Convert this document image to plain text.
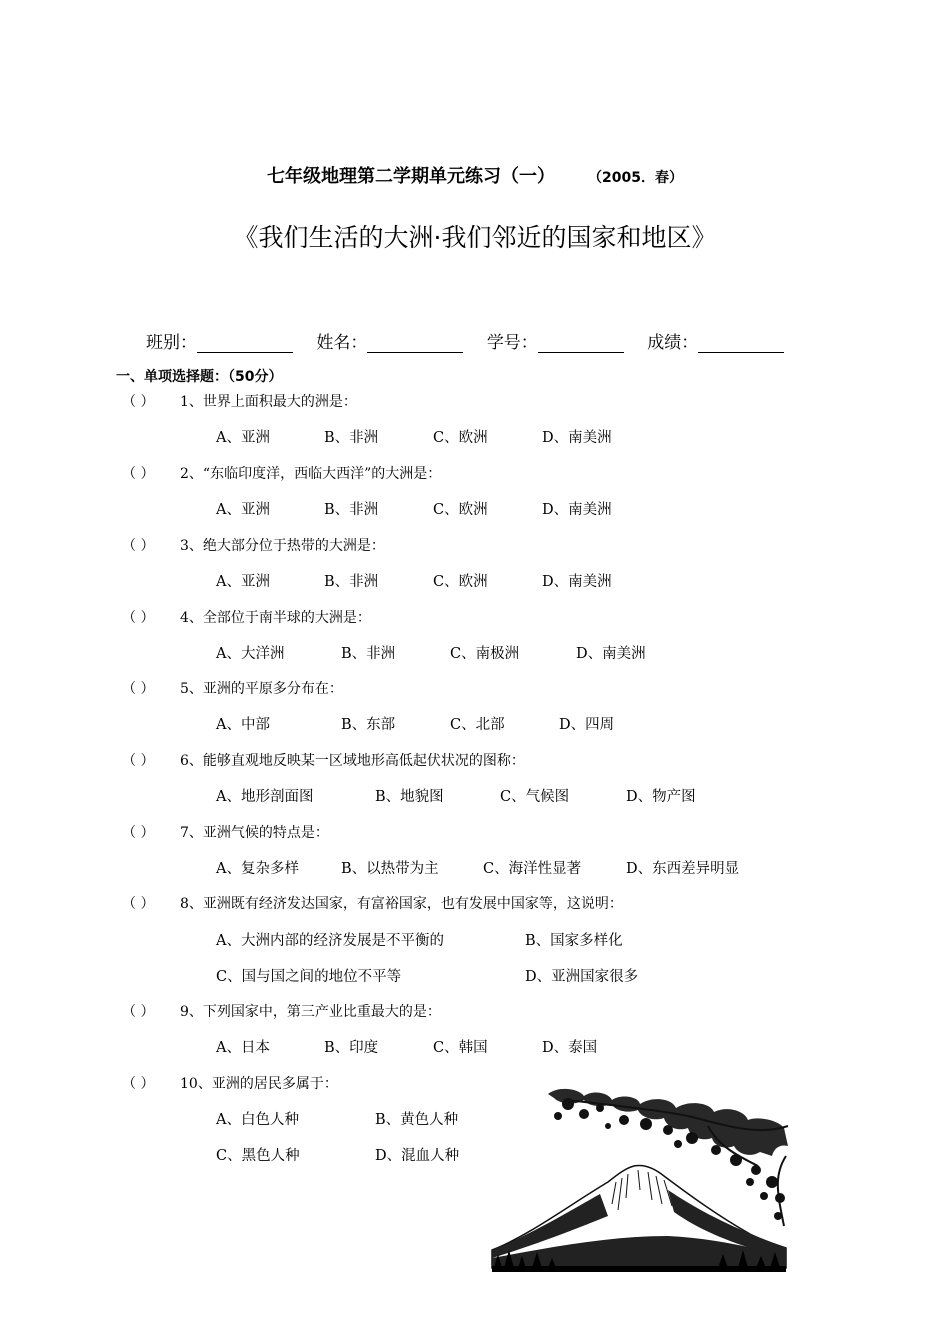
七年级地理第二学期单元练习（一）	（2005．春）
《我们生活的大洲·我们邻近的国家和地区》
班别：	姓名：	学号：	成绩：
一、单项选择题：（50分）
（ ） 1、世界上面积最大的洲是：
A、亚洲	B、非洲	C、欧洲	D、南美洲
（ ） 2、“东临印度洋，西临大西洋”的大洲是：
A、亚洲	B、非洲	C、欧洲	D、南美洲
（ ） 3、绝大部分位于热带的大洲是：
A、亚洲	B、非洲	C、欧洲	D、南美洲
（ ） 4、全部位于南半球的大洲是：
A、大洋洲	B、非洲	C、南极洲	D、南美洲
（ ） 5、亚洲的平原多分布在：
A、中部	B、东部	C、北部	D、四周
（ ） 6、能够直观地反映某一区域地形高低起伏状况的图称：
A、地形剖面图	B、地貌图	C、气候图	D、物产图
（ ） 7、亚洲气候的特点是：
A、复杂多样	B、以热带为主	C、海洋性显著	D、东西差异明显
（ ） 8、亚洲既有经济发达国家，有富裕国家，也有发展中国家等，这说明：
A、大洲内部的经济发展是不平衡的	B、国家多样化
C、国与国之间的地位不平等	D、亚洲国家很多
（ ） 9、下列国家中，第三产业比重最大的是：
A、日本	B、印度	C、韩国	D、泰国
（ ） 10、亚洲的居民多属于：
A、白色人种	B、黄色人种
C、黑色人种	D、混血人种
